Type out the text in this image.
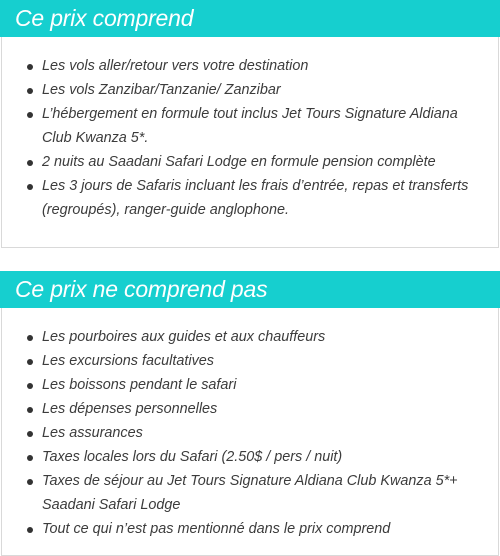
Ce prix comprend
Les vols aller/retour vers votre destination
Les vols Zanzibar/Tanzanie/ Zanzibar
L’hébergement en formule tout inclus Jet Tours Signature Aldiana Club Kwanza 5*.
2 nuits au Saadani Safari Lodge en formule pension complète
Les 3 jours de Safaris incluant les frais d’entrée, repas et transferts (regroupés), ranger-guide anglophone.
Ce prix ne comprend pas
Les pourboires aux guides et aux chauffeurs
Les excursions facultatives
Les boissons pendant le safari
Les dépenses personnelles
Les assurances
Taxes locales lors du Safari (2.50$ / pers / nuit)
Taxes de séjour au Jet Tours Signature Aldiana Club Kwanza 5*+ Saadani Safari Lodge
Tout ce qui n’est pas mentionné dans le prix comprend
